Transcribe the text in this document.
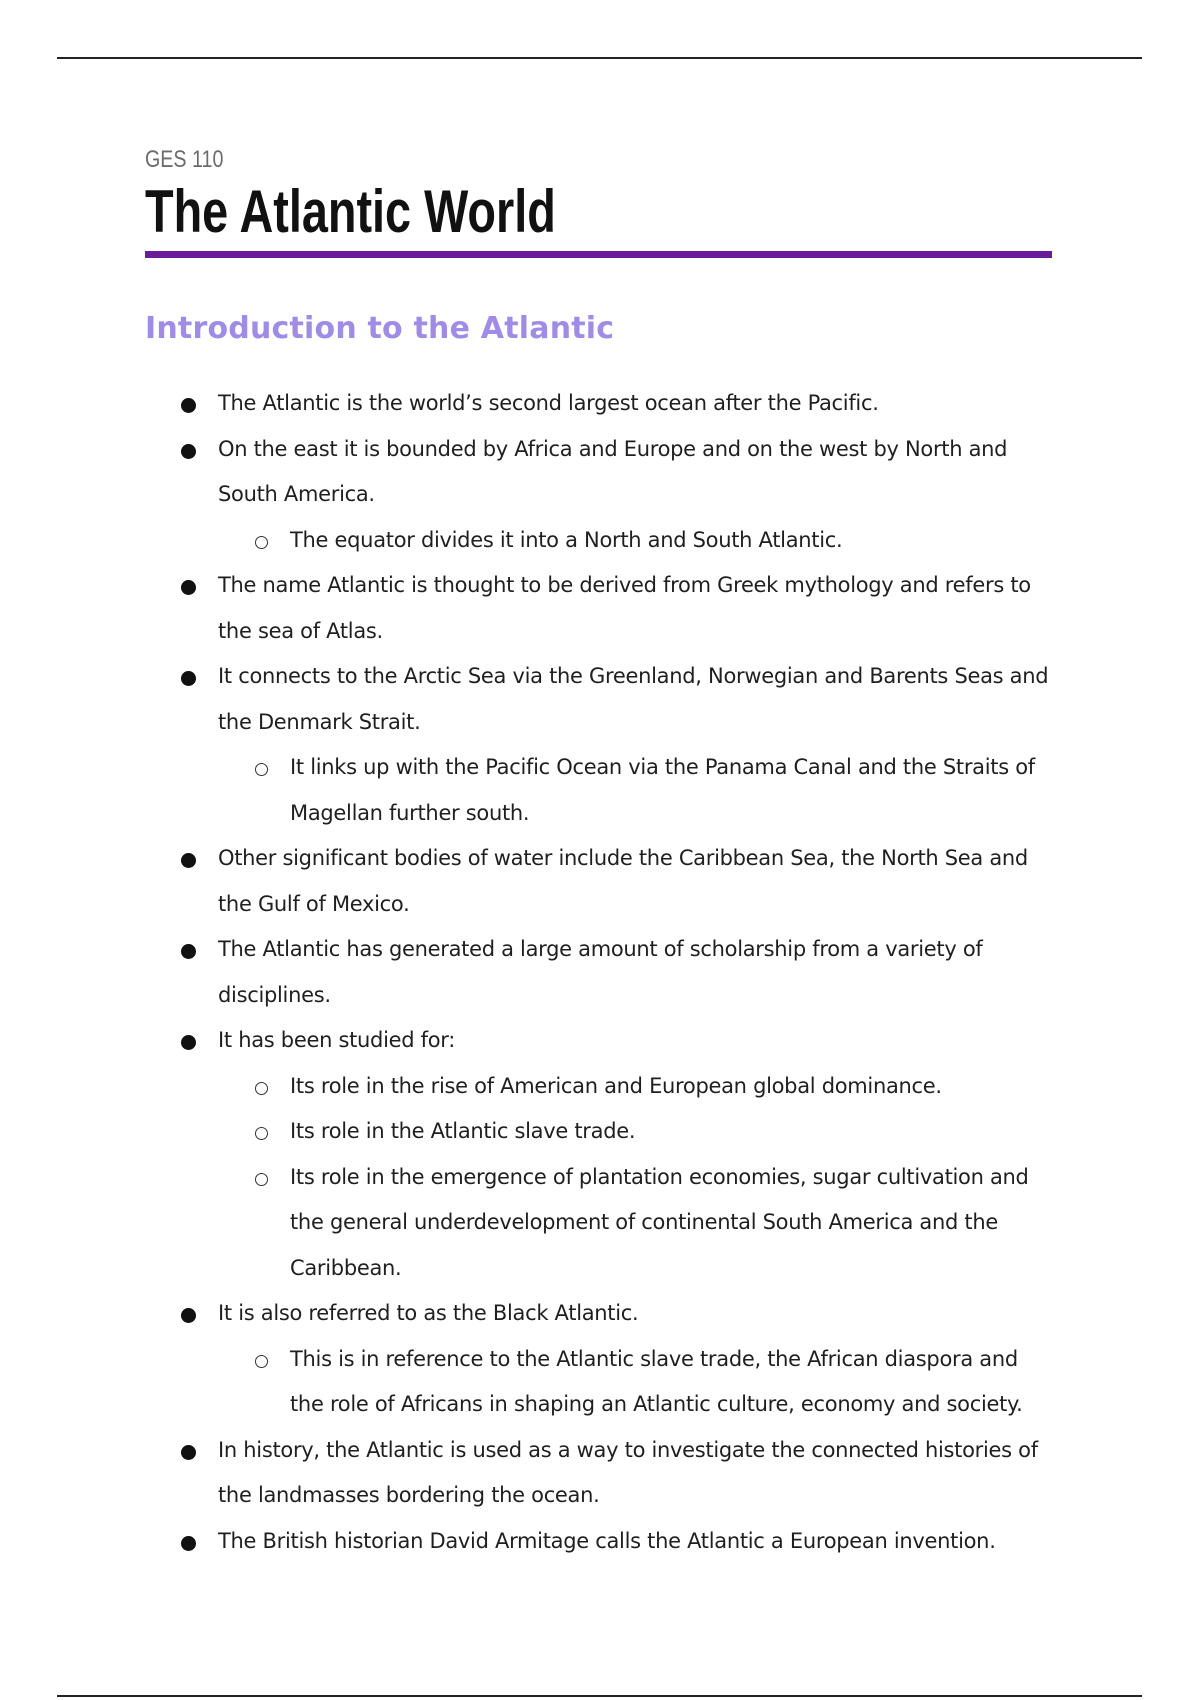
GES 110
The Atlantic World
Introduction to the Atlantic
The Atlantic is the world’s second largest ocean after the Pacific.
On the east it is bounded by Africa and Europe and on the west by North and South America.
The equator divides it into a North and South Atlantic.
The name Atlantic is thought to be derived from Greek mythology and refers to the sea of Atlas.
It connects to the Arctic Sea via the Greenland, Norwegian and Barents Seas and the Denmark Strait.
It links up with the Pacific Ocean via the Panama Canal and the Straits of Magellan further south.
Other significant bodies of water include the Caribbean Sea, the North Sea and the Gulf of Mexico.
The Atlantic has generated a large amount of scholarship from a variety of disciplines.
It has been studied for:
Its role in the rise of American and European global dominance.
Its role in the Atlantic slave trade.
Its role in the emergence of plantation economies, sugar cultivation and the general underdevelopment of continental South America and the Caribbean.
It is also referred to as the Black Atlantic.
This is in reference to the Atlantic slave trade, the African diaspora and the role of Africans in shaping an Atlantic culture, economy and society.
In history, the Atlantic is used as a way to investigate the connected histories of the landmasses bordering the ocean.
The British historian David Armitage calls the Atlantic a European invention.
